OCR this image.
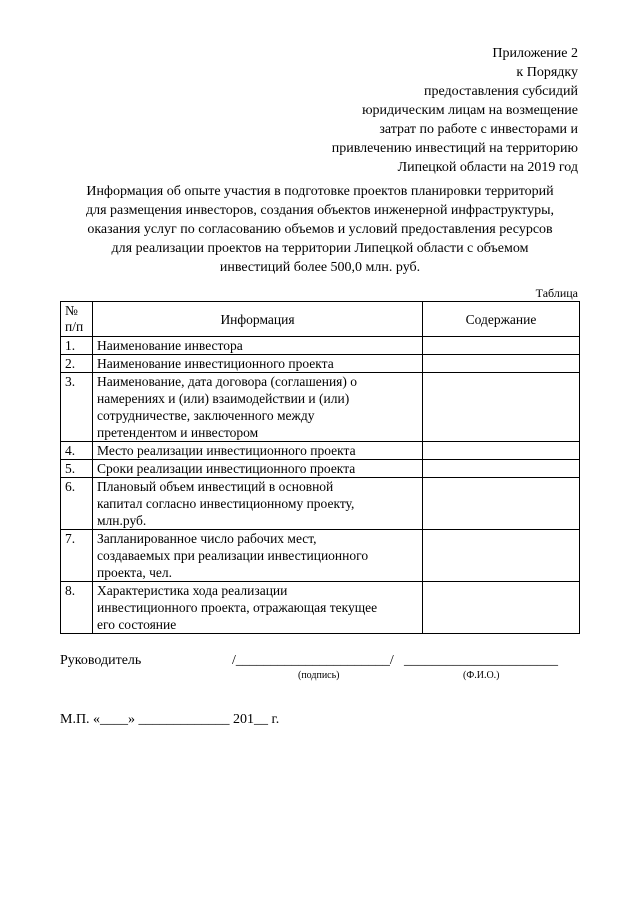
Приложение 2
к Порядку
предоставления субсидий
юридическим лицам на возмещение
затрат по работе с инвесторами и
привлечению инвестиций на территорию
Липецкой области на 2019 год
Информация об опыте участия в подготовке проектов планировки территорий
для размещения инвесторов, создания объектов инженерной инфраструктуры,
оказания услуг по согласованию объемов и условий предоставления ресурсов
для реализации проектов на территории Липецкой области с объемом
инвестиций более 500,0 млн. руб.
Таблица
№
п/п	Информация	Содержание
1.	Наименование инвестора	

2.	Наименование инвестиционного проекта	

3.	Наименование, дата договора (соглашения) о
намерениях и (или) взаимодействии и (или)
сотрудничестве, заключенного между
претендентом и инвестором	

4.	Место реализации инвестиционного проекта	

5.	Сроки реализации инвестиционного проекта	

6.	Плановый объем инвестиций в основной
капитал согласно инвестиционному проекту,
млн.руб.	

7.	Запланированное число рабочих мест,
создаваемых при реализации инвестиционного
проекта, чел.	

8.	Характеристика хода реализации
инвестиционного проекта, отражающая текущее
его состояние	

Руководитель	/______________________/ ______________________
(подпись)	(Ф.И.О.)
М.П. «____» _____________ 201__ г.
